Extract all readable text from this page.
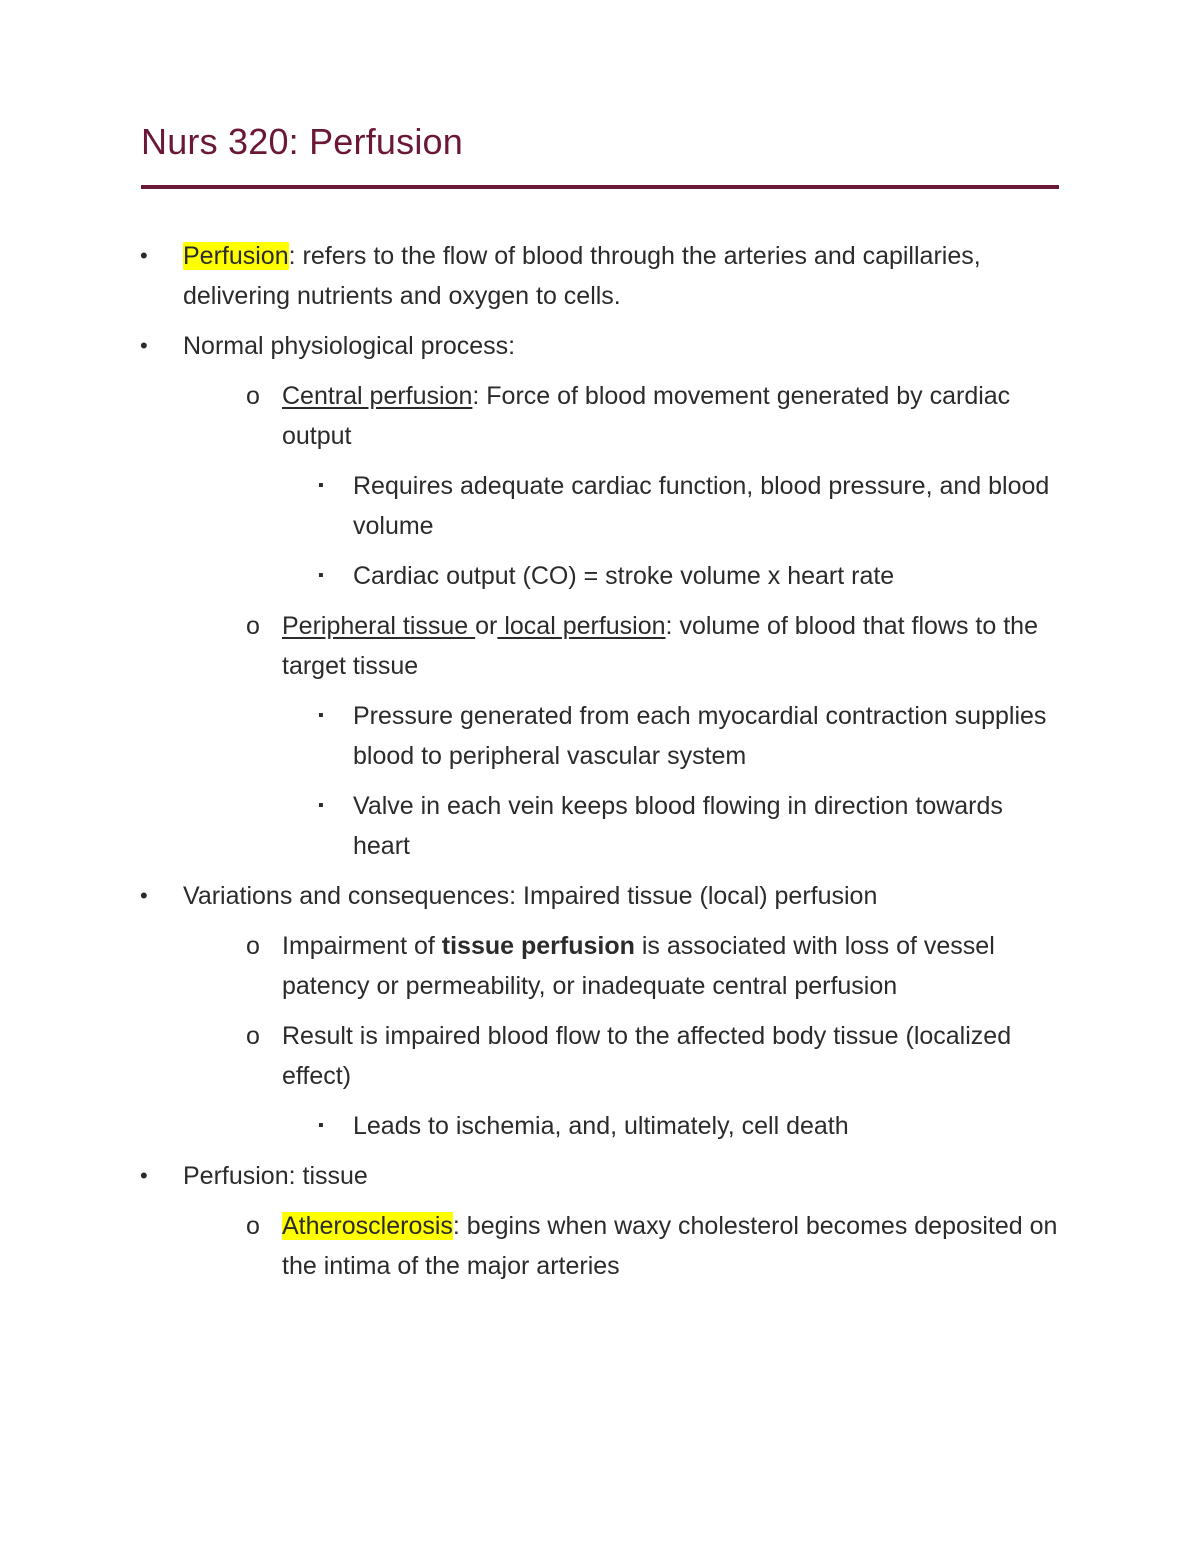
Nurs 320: Perfusion
• Perfusion: refers to the flow of blood through the arteries and capillaries, delivering nutrients and oxygen to cells.
• Normal physiological process:
o Central perfusion: Force of blood movement generated by cardiac output
▪ Requires adequate cardiac function, blood pressure, and blood volume
▪ Cardiac output (CO) = stroke volume x heart rate
o Peripheral tissue or local perfusion: volume of blood that flows to the target tissue
▪ Pressure generated from each myocardial contraction supplies blood to peripheral vascular system
▪ Valve in each vein keeps blood flowing in direction towards heart
• Variations and consequences: Impaired tissue (local) perfusion
o Impairment of tissue perfusion is associated with loss of vessel patency or permeability, or inadequate central perfusion
o Result is impaired blood flow to the affected body tissue (localized effect)
▪ Leads to ischemia, and, ultimately, cell death
• Perfusion: tissue
o Atherosclerosis: begins when waxy cholesterol becomes deposited on the intima of the major arteries
